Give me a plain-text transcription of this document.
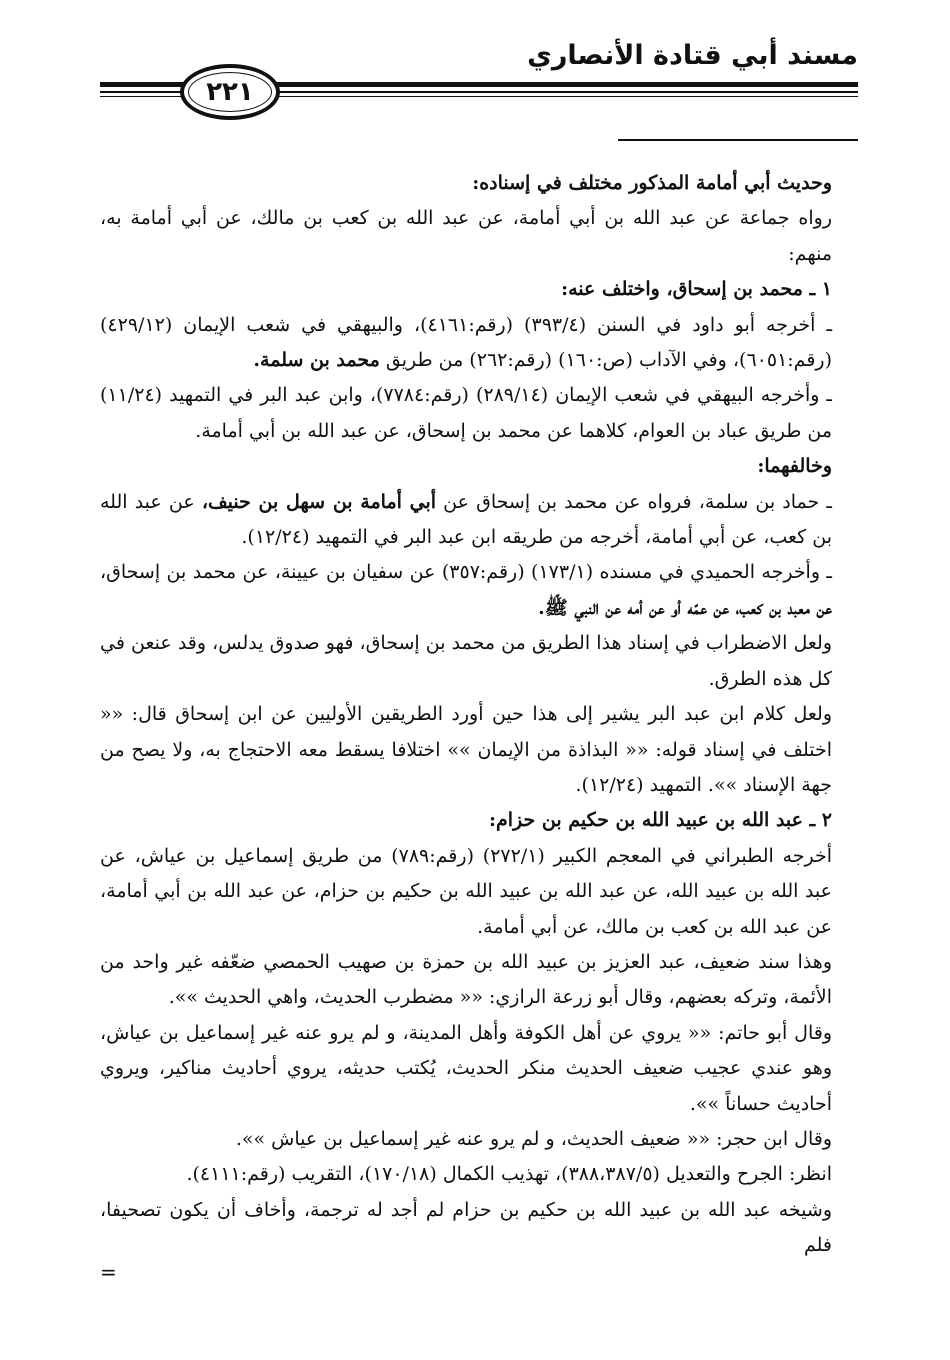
مسند أبي قتادة الأنصاري
٢٢١

وحديث أبي أمامة المذكور مختلف في إسناده:

رواه جماعة عن عبد الله بن أبي أمامة، عن عبد الله بن كعب بن مالك، عن أبي أمامة به، منهم:

١ ـ محمد بن إسحاق، واختلف عنه:

ـ أخرجه أبو داود في السنن (٣٩٣/٤) (رقم:٤١٦١)، والبيهقي في شعب الإيمان (٤٢٩/١٢) (رقم:٦٠٥١)، وفي الآداب (ص:١٦٠) (رقم:٢٦٢) من طريق محمد بن سلمة.

ـ وأخرجه البيهقي في شعب الإيمان (٢٨٩/١٤) (رقم:٧٧٨٤)، وابن عبد البر في التمهيد (١١/٢٤) من طريق عباد بن العوام، كلاهما عن محمد بن إسحاق، عن عبد الله بن أبي أمامة.

وخالفهما:

ـ حماد بن سلمة، فرواه عن محمد بن إسحاق عن أبي أمامة بن سهل بن حنيف، عن عبد الله بن كعب، عن أبي أمامة، أخرجه من طريقه ابن عبد البر في التمهيد (١٢/٢٤).

ـ وأخرجه الحميدي في مسنده (١٧٣/١) (رقم:٣٥٧) عن سفيان بن عيينة، عن محمد بن إسحاق، عن معبد بن كعب، عن عمّه أو عن أمه عن النبي ﷺ.

ولعل الاضطراب في إسناد هذا الطريق من محمد بن إسحاق، فهو صدوق يدلس، وقد عنعن في كل هذه الطرق.

ولعل كلام ابن عبد البر يشير إلى هذا حين أورد الطريقين الأوليين عن ابن إسحاق قال: «« اختلف في إسناد قوله: «« البذاذة من الإيمان »» اختلافا يسقط معه الاحتجاج به، ولا يصح من جهة الإسناد »». التمهيد (١٢/٢٤).

٢ ـ عبد الله بن عبيد الله بن حكيم بن حزام:

أخرجه الطبراني في المعجم الكبير (٢٧٢/١) (رقم:٧٨٩) من طريق إسماعيل بن عياش، عن عبد الله بن عبيد الله، عن عبد الله بن عبيد الله بن حكيم بن حزام، عن عبد الله بن أبي أمامة، عن عبد الله بن كعب بن مالك، عن أبي أمامة.

وهذا سند ضعيف، عبد العزيز بن عبيد الله بن حمزة بن صهيب الحمصي ضعّفه غير واحد من الأئمة، وتركه بعضهم، وقال أبو زرعة الرازي: «« مضطرب الحديث، واهي الحديث »».

وقال أبو حاتم: «« يروي عن أهل الكوفة وأهل المدينة، و لم يرو عنه غير إسماعيل بن عياش، وهو عندي عجيب ضعيف الحديث منكر الحديث، يُكتب حديثه، يروي أحاديث مناكير، ويروي أحاديث حساناً »».

وقال ابن حجر: «« ضعيف الحديث، و لم يرو عنه غير إسماعيل بن عياش »».

انظر: الجرح والتعديل (٣٨٨،٣٨٧/٥)، تهذيب الكمال (١٧٠/١٨)، التقريب (رقم:٤١١١).

وشيخه عبد الله بن عبيد الله بن حكيم بن حزام لم أجد له ترجمة، وأخاف أن يكون تصحيفا، فلم

=
